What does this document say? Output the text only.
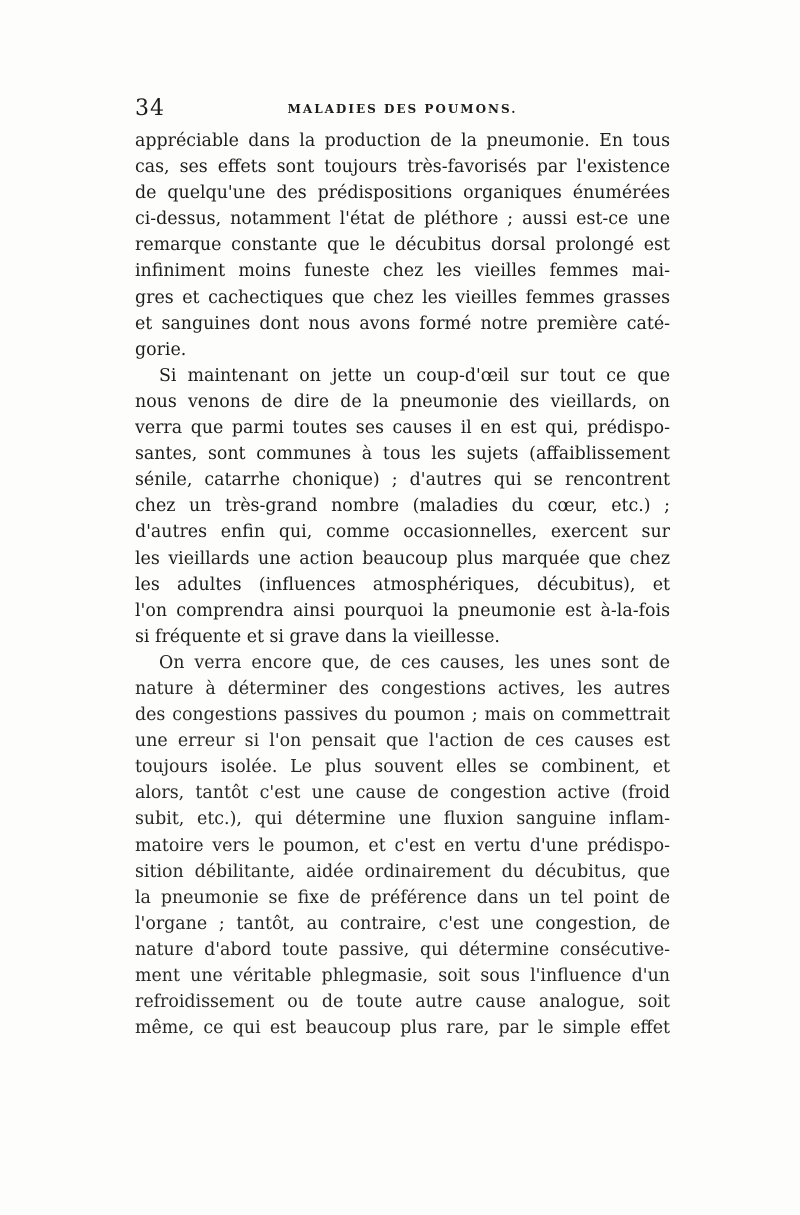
34	MALADIES DES POUMONS.
appréciable dans la production de la pneumonie. En tous
cas, ses effets sont toujours très-favorisés par l'existence
de quelqu'une des prédispositions organiques énumérées
ci-dessus, notamment l'état de pléthore ; aussi est-ce une
remarque constante que le décubitus dorsal prolongé est
infiniment moins funeste chez les vieilles femmes mai-
gres et cachectiques que chez les vieilles femmes grasses
et sanguines dont nous avons formé notre première caté-
gorie.
Si maintenant on jette un coup-d'œil sur tout ce que
nous venons de dire de la pneumonie des vieillards, on
verra que parmi toutes ses causes il en est qui, prédispo-
santes, sont communes à tous les sujets (affaiblissement
sénile, catarrhe chonique) ; d'autres qui se rencontrent
chez un très-grand nombre (maladies du cœur, etc.) ;
d'autres enfin qui, comme occasionnelles, exercent sur
les vieillards une action beaucoup plus marquée que chez
les adultes (influences atmosphériques, décubitus), et
l'on comprendra ainsi pourquoi la pneumonie est à-la-fois
si fréquente et si grave dans la vieillesse.
On verra encore que, de ces causes, les unes sont de
nature à déterminer des congestions actives, les autres
des congestions passives du poumon ; mais on commettrait
une erreur si l'on pensait que l'action de ces causes est
toujours isolée. Le plus souvent elles se combinent, et
alors, tantôt c'est une cause de congestion active (froid
subit, etc.), qui détermine une fluxion sanguine inflam-
matoire vers le poumon, et c'est en vertu d'une prédispo-
sition débilitante, aidée ordinairement du décubitus, que
la pneumonie se fixe de préférence dans un tel point de
l'organe ; tantôt, au contraire, c'est une congestion, de
nature d'abord toute passive, qui détermine consécutive-
ment une véritable phlegmasie, soit sous l'influence d'un
refroidissement ou de toute autre cause analogue, soit
même, ce qui est beaucoup plus rare, par le simple effet
